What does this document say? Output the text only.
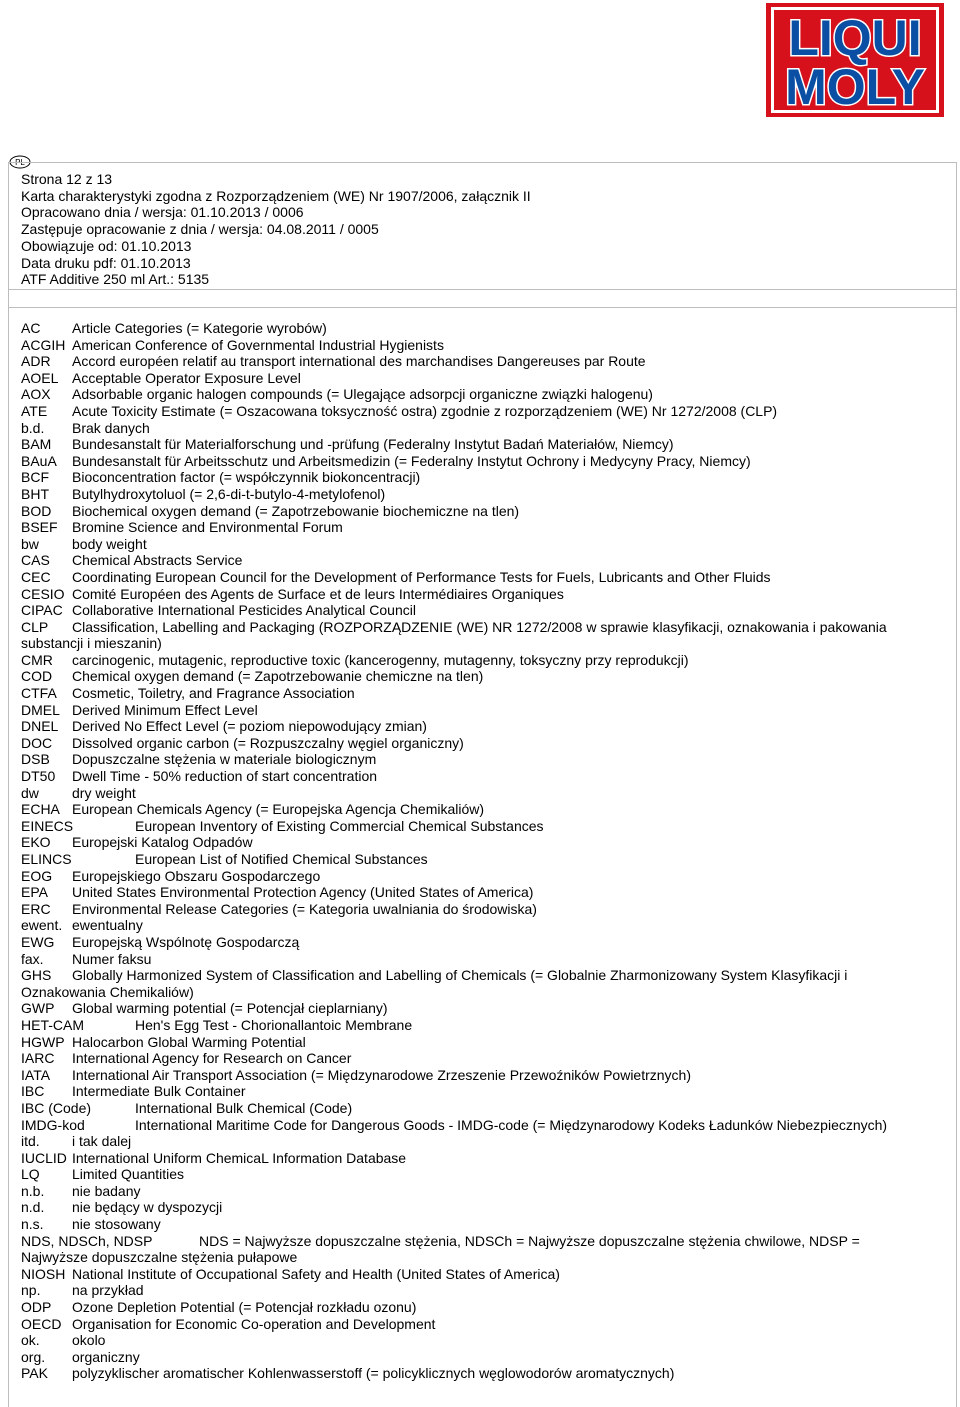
LIQUI
MOLY
PL
Strona 12 z 13
Karta charakterystyki zgodna z Rozporządzeniem (WE) Nr 1907/2006, załącznik II
Opracowano dnia / wersja: 01.10.2013 / 0006
Zastępuje opracowanie z dnia / wersja: 04.08.2011 / 0005
Obowiązuje od: 01.10.2013
Data druku pdf: 01.10.2013
ATF Additive 250 ml Art.: 5135
AC Article Categories (= Kategorie wyrobów)
ACGIH American Conference of Governmental Industrial Hygienists
ADR Accord européen relatif au transport international des marchandises Dangereuses par Route
AOEL Acceptable Operator Exposure Level
AOX Adsorbable organic halogen compounds (= Ulegające adsorpcji organiczne związki halogenu)
ATE Acute Toxicity Estimate (= Oszacowana toksyczność ostra) zgodnie z rozporządzeniem (WE) Nr 1272/2008 (CLP)
b.d. Brak danych
BAM Bundesanstalt für Materialforschung und -prüfung (Federalny Instytut Badań Materiałów, Niemcy)
BAuA Bundesanstalt für Arbeitsschutz und Arbeitsmedizin (= Federalny Instytut Ochrony i Medycyny Pracy, Niemcy)
BCF Bioconcentration factor (= współczynnik biokoncentracji)
BHT Butylhydroxytoluol (= 2,6-di-t-butylo-4-metylofenol)
BOD Biochemical oxygen demand (= Zapotrzebowanie biochemiczne na tlen)
BSEF Bromine Science and Environmental Forum
bw body weight
CAS Chemical Abstracts Service
CEC Coordinating European Council for the Development of Performance Tests for Fuels, Lubricants and Other Fluids
CESIO Comité Européen des Agents de Surface et de leurs Intermédiaires Organiques
CIPAC Collaborative International Pesticides Analytical Council
CLP Classification, Labelling and Packaging (ROZPORZĄDZENIE (WE) NR 1272/2008 w sprawie klasyfikacji, oznakowania i pakowania substancji i mieszanin)
CMR carcinogenic, mutagenic, reproductive toxic (kancerogenny, mutagenny, toksyczny przy reprodukcji)
COD Chemical oxygen demand (= Zapotrzebowanie chemiczne na tlen)
CTFA Cosmetic, Toiletry, and Fragrance Association
DMEL Derived Minimum Effect Level
DNEL Derived No Effect Level (= poziom niepowodujący zmian)
DOC Dissolved organic carbon (= Rozpuszczalny węgiel organiczny)
DSB Dopuszczalne stężenia w materiale biologicznym
DT50 Dwell Time - 50% reduction of start concentration
dw dry weight
ECHA European Chemicals Agency (= Europejska Agencja Chemikaliów)
EINECS	European Inventory of Existing Commercial Chemical Substances
EKO Europejski Katalog Odpadów
ELINCS	European List of Notified Chemical Substances
EOG Europejskiego Obszaru Gospodarczego
EPA United States Environmental Protection Agency (United States of America)
ERC Environmental Release Categories (= Kategoria uwalniania do środowiska)
ewent. ewentualny
EWG Europejską Wspólnotę Gospodarczą
fax. Numer faksu
GHS Globally Harmonized System of Classification and Labelling of Chemicals (= Globalnie Zharmonizowany System Klasyfikacji i Oznakowania Chemikaliów)
GWP Global warming potential (= Potencjał cieplarniany)
HET-CAM	Hen's Egg Test - Chorionallantoic Membrane
HGWP Halocarbon Global Warming Potential
IARC International Agency for Research on Cancer
IATA International Air Transport Association (= Międzynarodowe Zrzeszenie Przewoźników Powietrznych)
IBC Intermediate Bulk Container
IBC (Code)	International Bulk Chemical (Code)
IMDG-kod	International Maritime Code for Dangerous Goods - IMDG-code (= Międzynarodowy Kodeks Ładunków Niebezpiecznych)
itd. i tak dalej
IUCLID International Uniform ChemicaL Information Database
LQ Limited Quantities
n.b. nie badany
n.d. nie będący w dyspozycji
n.s. nie stosowany
NDS, NDSCh, NDSP	NDS = Najwyższe dopuszczalne stężenia, NDSCh = Najwyższe dopuszczalne stężenia chwilowe, NDSP = Najwyższe dopuszczalne stężenia pułapowe
NIOSH National Institute of Occupational Safety and Health (United States of America)
np. na przykład
ODP Ozone Depletion Potential (= Potencjał rozkładu ozonu)
OECD Organisation for Economic Co-operation and Development
ok. okolo
org. organiczny
PAK polyzyklischer aromatischer Kohlenwasserstoff (= policyklicznych węglowodorów aromatycznych)
